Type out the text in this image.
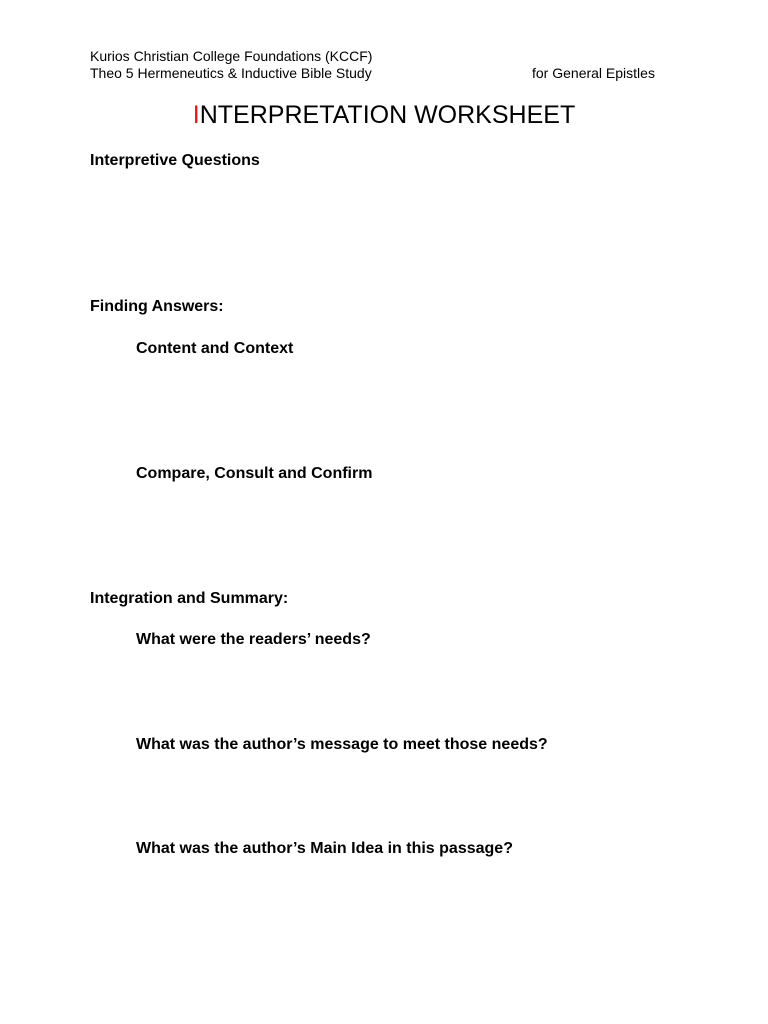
Kurios Christian College Foundations (KCCF)
Theo 5 Hermeneutics & Inductive Bible Study	for General Epistles
INTERPRETATION WORKSHEET
Interpretive Questions
Finding Answers:
Content and Context
Compare, Consult and Confirm
Integration and Summary:
What were the readers’ needs?
What was the author’s message to meet those needs?
What was the author’s Main Idea in this passage?
